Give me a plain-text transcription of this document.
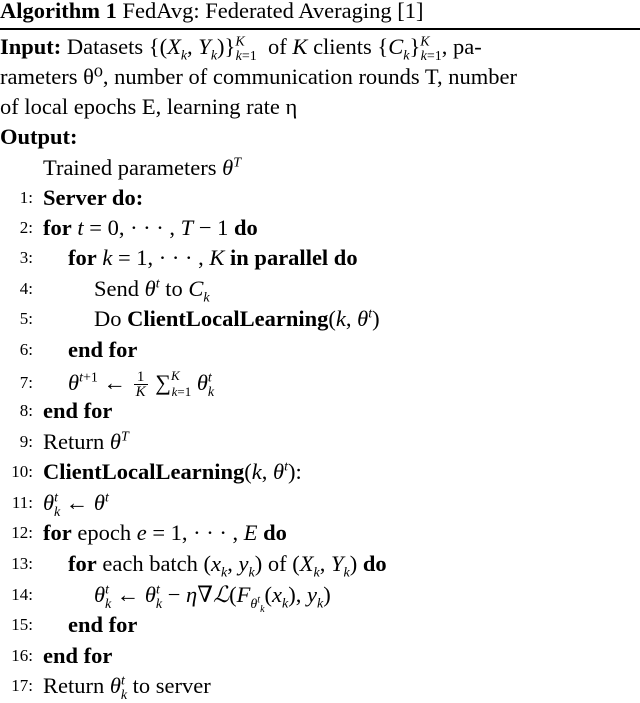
Algorithm 1 FedAvg: Federated Averaging [1]
Input: Datasets {($X_k$, $Y_k)\}^K_{k=1}$ of K clients $\{C_k\}^K_{k=1}$, pa-
rameters θ⁰, number of communication rounds T, number
of local epochs E, learning rate η
Output:
Trained parameters $\theta^T$
1: Server do:
2: for t = 0, · · · , T − 1 do
3: for k = 1, · · · , K in parallel do
4:	Send $\theta^t$ to $C_k$
5:	Do ClientLocalLearning(k, $\theta^t$)
6: end for
7: $\theta^{t+1}$ ← $\frac{1}{K} \sum^K_{k=1}$ $\theta^t_k$
8: end for
9: Return $\theta^T$
10: ClientLocalLearning(k, $\theta^t$):
11: $\theta^t_k$ ← $\theta^t$
12: for epoch e = 1, · · · , E do
13: for each batch ($x_k$, $y_k$) of ($X_k$, $Y_k$) do
14:	$\theta^t_k$ ← $\theta^t_k$ − $\eta\nabla ℒ(F_{\theta^t_k}(x_k)$, $y_k$)
15: end for
16: end for
17: Return $\theta^t_k$ to server
